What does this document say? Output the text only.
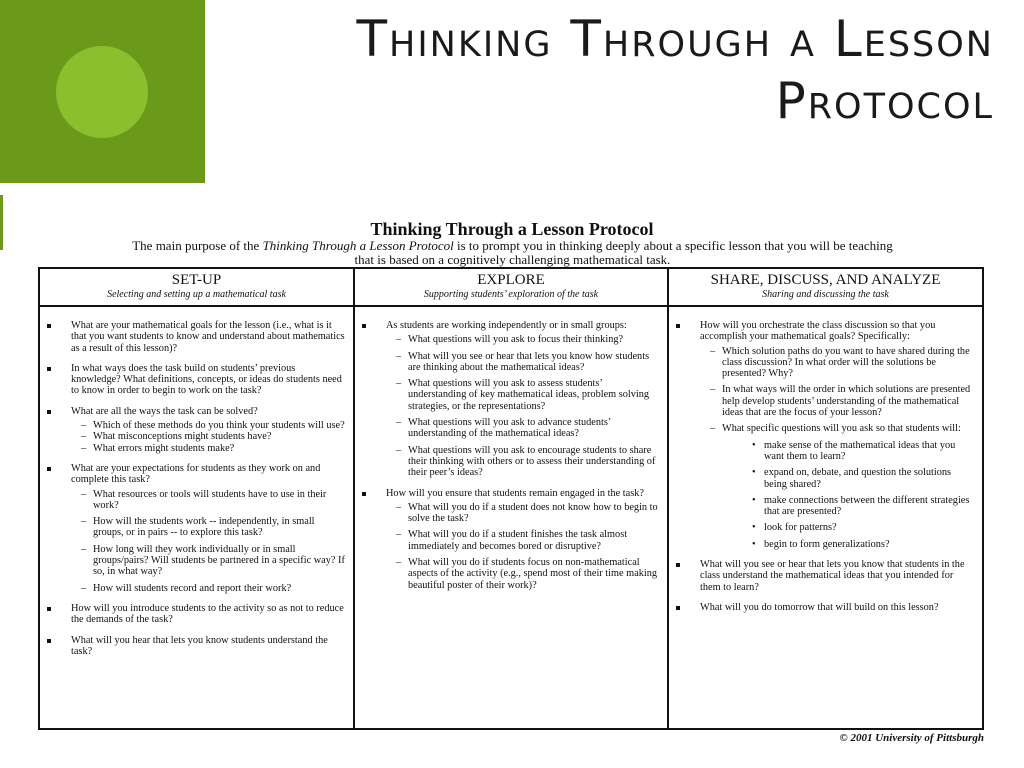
Thinking Through a Lesson
Protocol
Thinking Through a Lesson Protocol
The main purpose of the Thinking Through a Lesson Protocol is to prompt you in thinking deeply about a specific lesson that you will be teaching that is based on a cognitively challenging mathematical task.
SET-UP
Selecting and setting up a mathematical task
EXPLORE
Supporting students’ exploration of the task
SHARE, DISCUSS, AND ANALYZE
Sharing and discussing the task
What are your mathematical goals for the lesson (i.e., what is it that you want students to know and understand about mathematics as a result of this lesson)?
In what ways does the task build on students’ previous knowledge? What definitions, concepts, or ideas do students need to know in order to begin to work on the task?
What are all the ways the task can be solved?
– Which of these methods do you think your students will use?
– What misconceptions might students have?
– What errors might students make?
What are your expectations for students as they work on and complete this task?
– What resources or tools will students have to use in their work?
– How will the students work -- independently, in small groups, or in pairs -- to explore this task?
– How long will they work individually or in small groups/pairs? Will students be partnered in a specific way? If so, in what way?
– How will students record and report their work?
How will you introduce students to the activity so as not to reduce the demands of the task?
What will you hear that lets you know students understand the task?
As students are working independently or in small groups:
– What questions will you ask to focus their thinking?
– What will you see or hear that lets you know how students are thinking about the mathematical ideas?
– What questions will you ask to assess students’ understanding of key mathematical ideas, problem solving strategies, or the representations?
– What questions will you ask to advance students’ understanding of the mathematical ideas?
– What questions will you ask to encourage students to share their thinking with others or to assess their understanding of their peer’s ideas?
How will you ensure that students remain engaged in the task?
– What will you do if a student does not know how to begin to solve the task?
– What will you do if a student finishes the task almost immediately and becomes bored or disruptive?
– What will you do if students focus on non-mathematical aspects of the activity (e.g., spend most of their time making beautiful poster of their work)?
How will you orchestrate the class discussion so that you accomplish your mathematical goals? Specifically:
– Which solution paths do you want to have shared during the class discussion? In what order will the solutions be presented? Why?
– In what ways will the order in which solutions are presented help develop students’ understanding of the mathematical ideas that are the focus of your lesson?
– What specific questions will you ask so that students will:
• make sense of the mathematical ideas that you want them to learn?
• expand on, debate, and question the solutions being shared?
• make connections between the different strategies that are presented?
• look for patterns?
• begin to form generalizations?
What will you see or hear that lets you know that students in the class understand the mathematical ideas that you intended for them to learn?
What will you do tomorrow that will build on this lesson?
© 2001 University of Pittsburgh
